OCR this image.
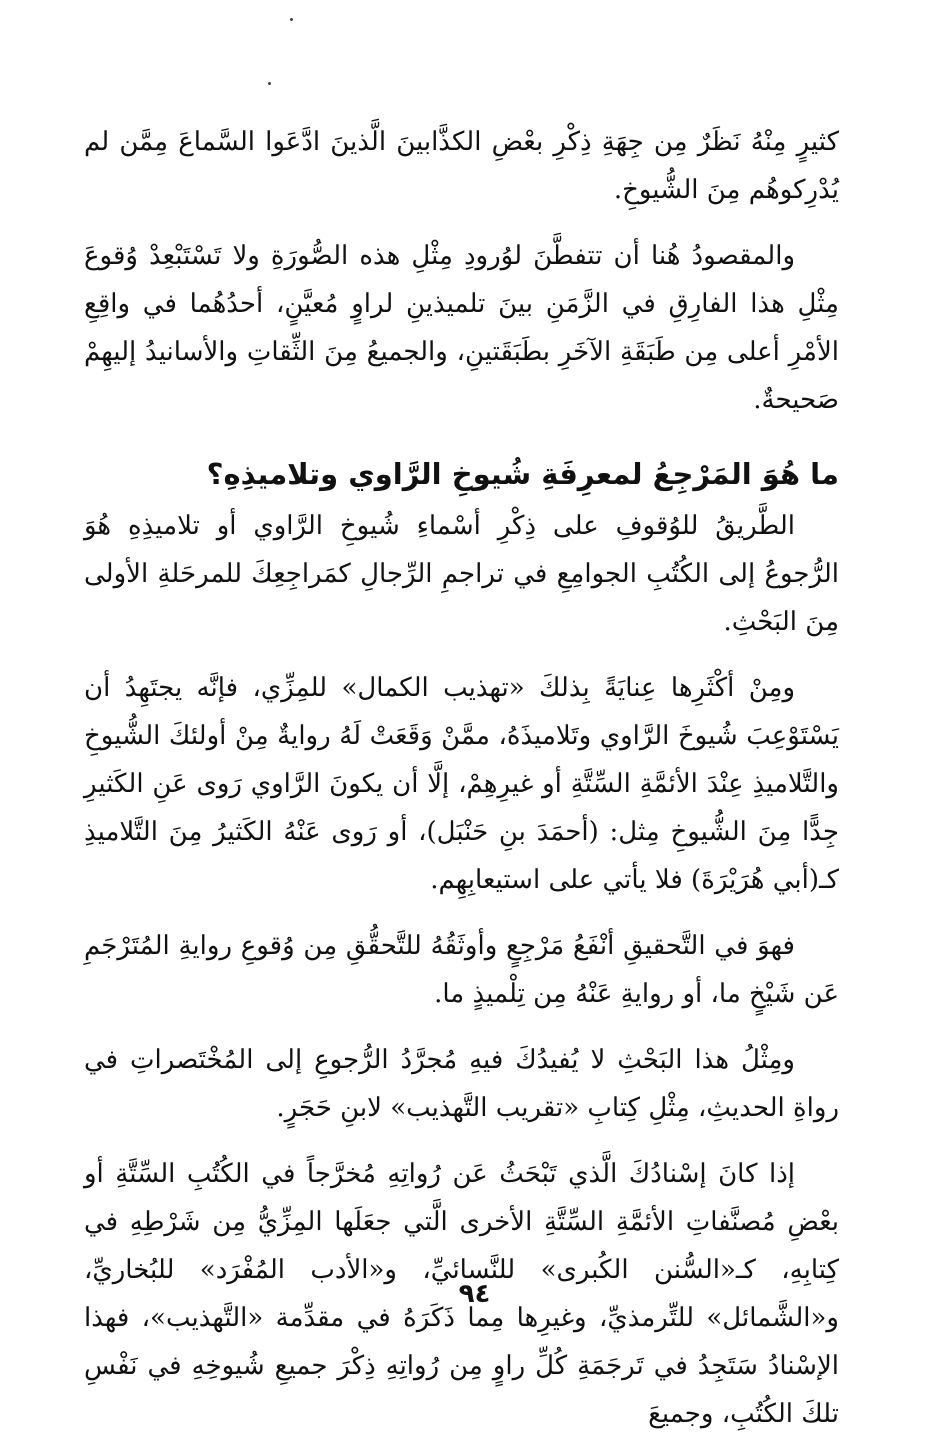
كثيرٍ مِنْهُ نَظَرٌ مِن جِهَةِ ذِكْرِ بعْضِ الكذَّابينَ الَّذينَ ادَّعَوا السَّماعَ مِمَّن لم يُدْرِكوهُم مِنَ الشُّيوخِ.

والمقصودُ هُنا أن تتفطَّنَ لوُرودِ مِثْلِ هذه الصُّورَةِ ولا تَسْتَبْعِدْ وُقوعَ مِثْلِ هذا الفارِقِ في الزَّمَنِ بينَ تلميذينِ لراوٍ مُعيَّنٍ، أحدُهُما في واقِعِ الأمْرِ أعلى مِن طَبَقَةِ الآخَرِ بطَبَقَتينِ، والجميعُ مِنَ الثِّقاتِ والأسانيدُ إليهِمْ صَحيحةٌ.

ما هُوَ المَرْجِعُ لمعرِفَةِ شُيوخِ الرَّاوي وتلاميذِهِ؟

الطَّريقُ للوُقوفِ على ذِكْرِ أسْماءِ شُيوخِ الرَّاوي أو تلاميذِهِ هُوَ الرُّجوعُ إلى الكُتُبِ الجوامِعِ في تراجمِ الرِّجالِ كمَراجِعِكَ للمرحَلةِ الأولى مِنَ البَحْثِ.

ومِنْ أكْثَرِها عِنايَةً بِذلكَ «تهذيب الكمال» للمِزِّي، فإنَّه يجتَهِدُ أن يَسْتَوْعِبَ شُيوخَ الرَّاوي وتَلاميذَهُ، ممَّنْ وَقَعَتْ لَهُ روايةٌ مِنْ أولئكَ الشُّيوخِ والتَّلاميذِ عِنْدَ الأئمَّةِ السِّتَّةِ أو غيرِهِمْ، إلَّا أن يكونَ الرَّاوي رَوى عَنِ الكَثيرِ جِدًّا مِنَ الشُّيوخِ مِثل: (أحمَدَ بنِ حَنْبَل)، أو رَوى عَنْهُ الكَثيرُ مِنَ التَّلاميذِ كـ(أبي هُرَيْرَةَ) فلا يأتي على استيعابِهِم.

فهوَ في التَّحقيقِ أنْفَعُ مَرْجِعٍ وأوثَقُهُ للتَّحقُّقِ مِن وُقوعِ روايةِ المُتَرْجَمِ عَن شَيْخٍ ما، أو روايةِ عَنْهُ مِن تِلْميذٍ ما.

ومِثْلُ هذا البَحْثِ لا يُفيدُكَ فيهِ مُجرَّدُ الرُّجوعِ إلى المُخْتَصراتِ في رواةِ الحديثِ، مِثْلِ كِتابِ «تقريب التَّهذيب» لابنِ حَجَرٍ.

إذا كانَ إسْنادُكَ الَّذي تَبْحَثُ عَن رُواتِهِ مُخرَّجاً في الكُتُبِ السِّتَّةِ أو بعْضِ مُصنَّفاتِ الأئمَّةِ السِّتَّةِ الأخرى الَّتي جعَلَها المِزِّيُّ مِن شَرْطِهِ في كِتابِهِ، كـ«السُّنن الكُبرى» للنَّسائيِّ، و«الأدب المُفْرَد» للبُخاريِّ، و«الشَّمائل» للتِّرمذيِّ، وغيرِها مِما ذَكَرَهُ في مقدِّمة «التَّهذيب»، فهذا الإسْنادُ سَتَجِدُ في تَرجَمَةِ كُلِّ راوٍ مِن رُواتِهِ ذِكْرَ جميعِ شُيوخِهِ في نَفْسِ تلكَ الكُتُبِ، وجميعَ

٩٤
